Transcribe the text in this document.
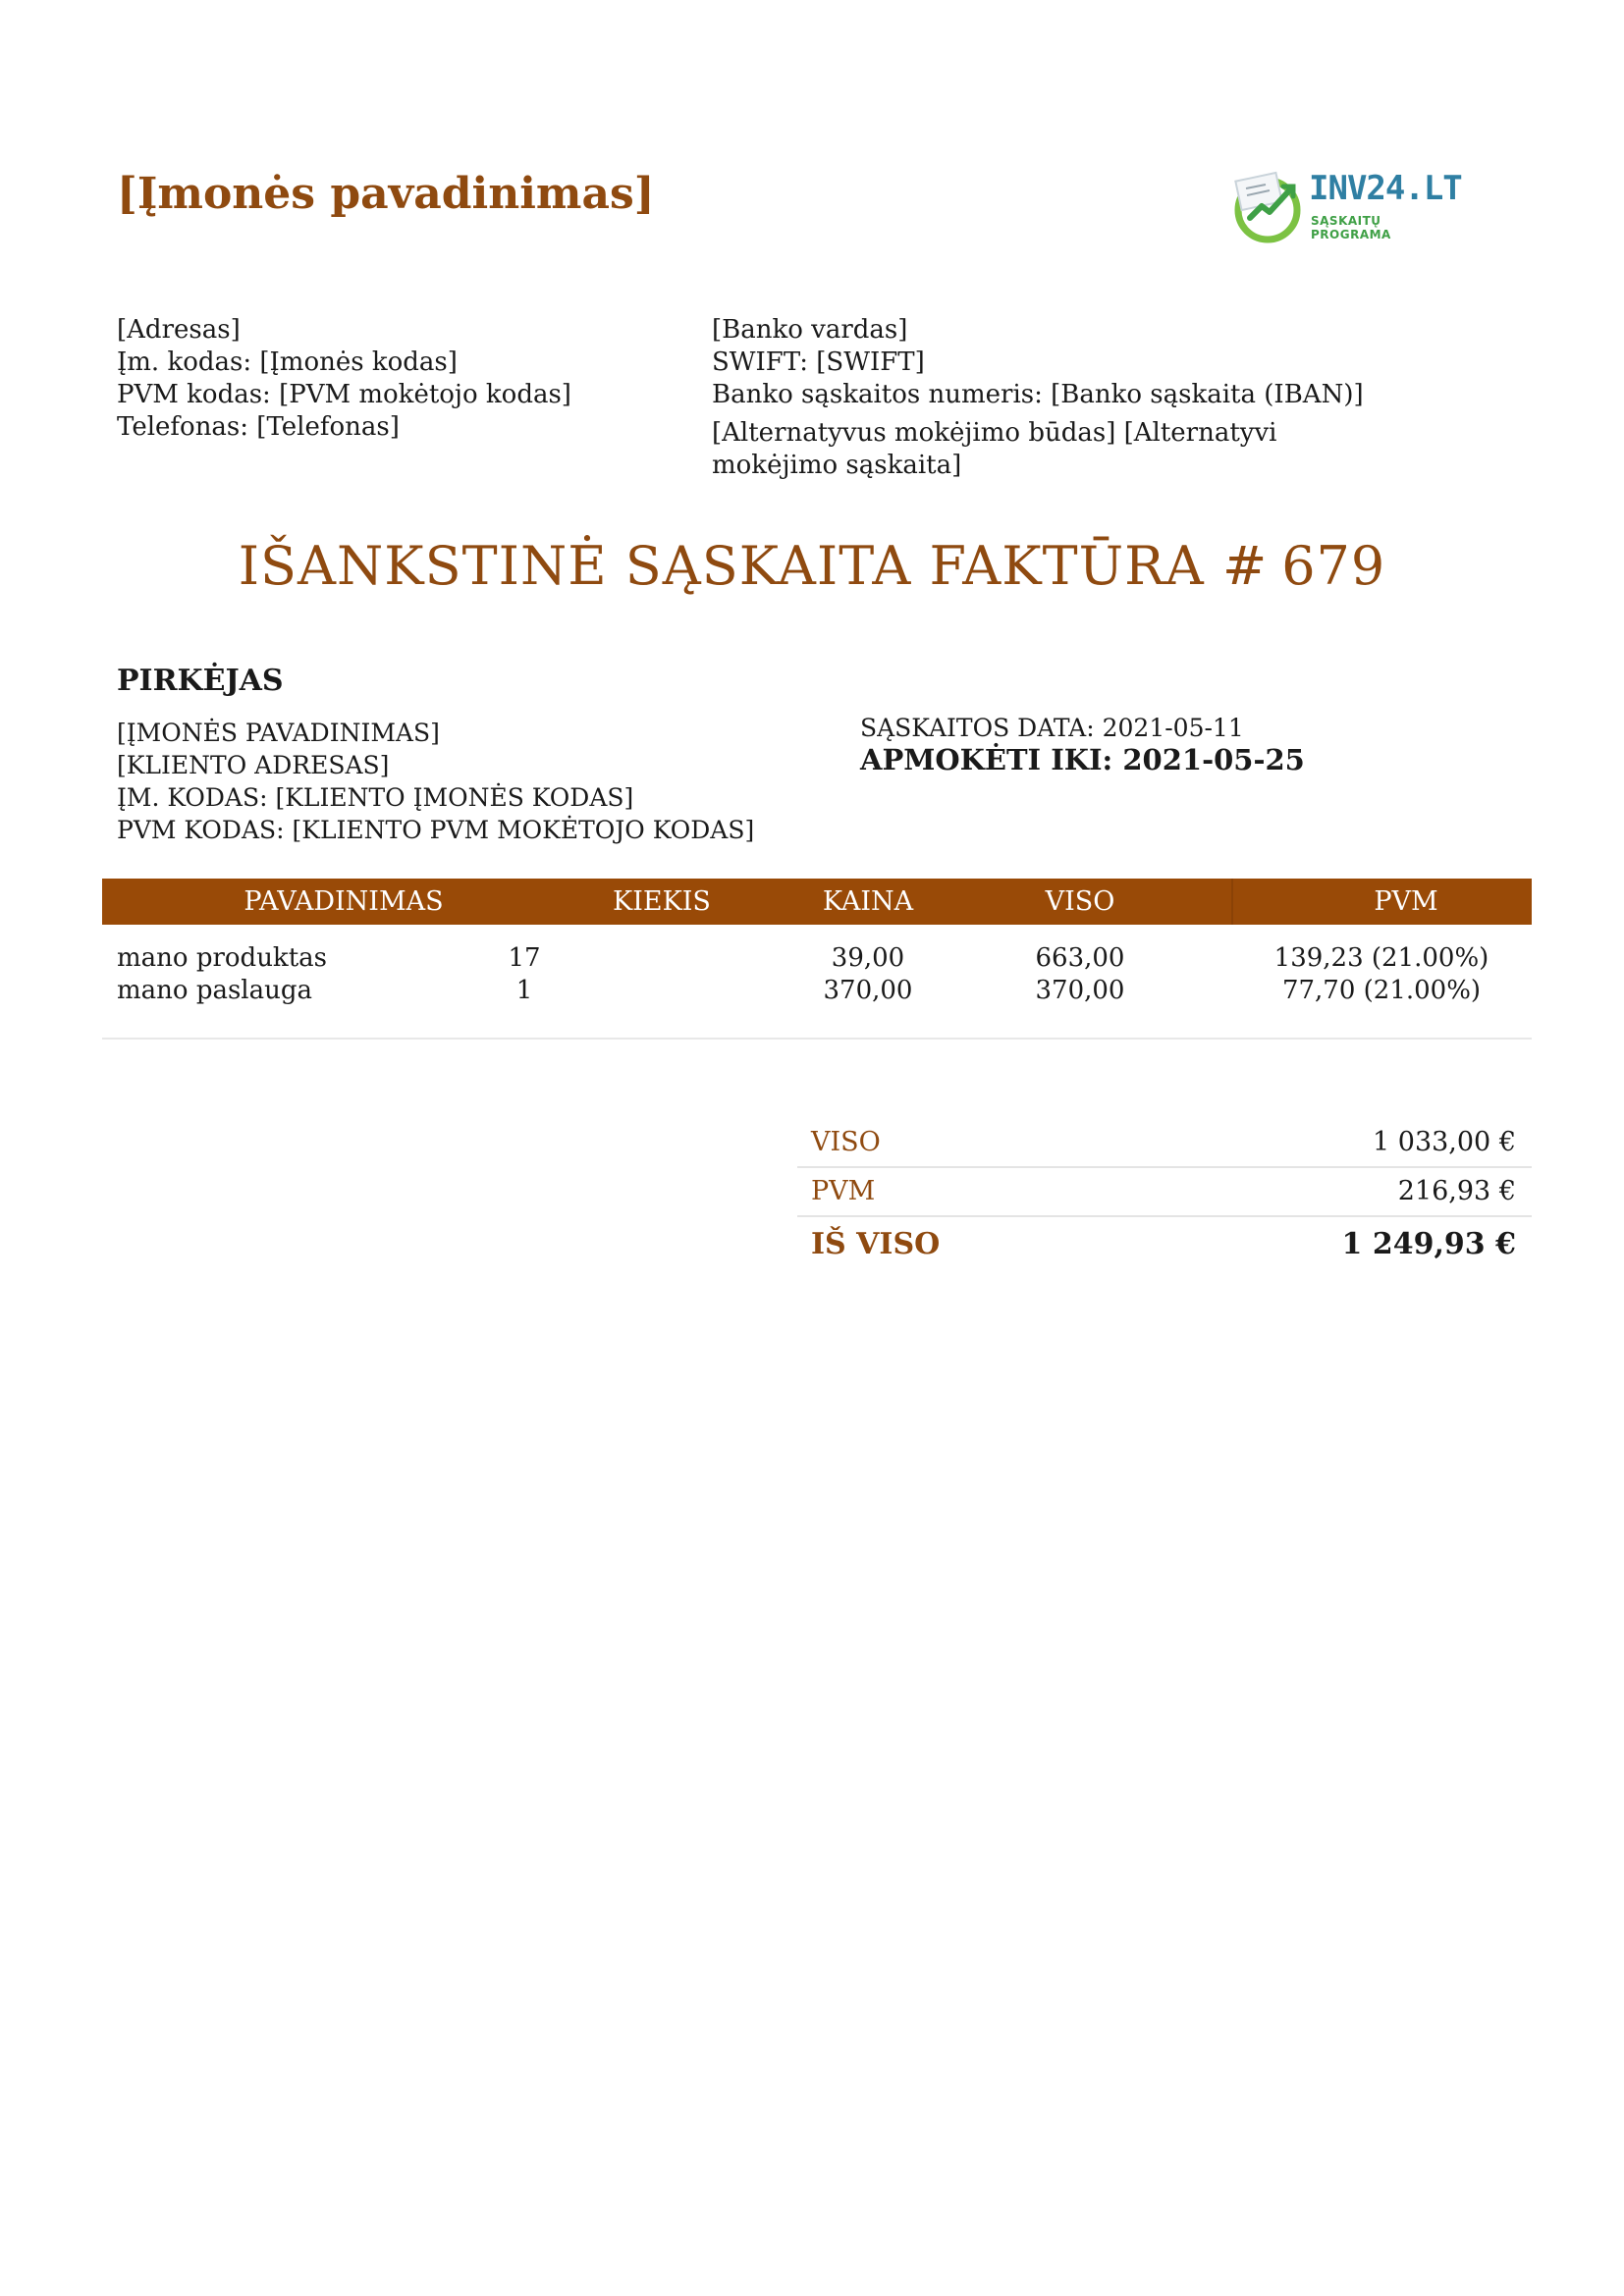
[Įmonės pavadinimas]	INV24.LT
SĄSKAITŲ PROGRAMA
[Adresas]
Įm. kodas: [Įmonės kodas]
PVM kodas: [PVM mokėtojo kodas]
Telefonas: [Telefonas]
[Banko vardas]
SWIFT: [SWIFT]
Banko sąskaitos numeris: [Banko sąskaita (IBAN)]
[Alternatyvus mokėjimo būdas] [Alternatyvi
mokėjimo sąskaita]
IŠANKSTINĖ SĄSKAITA FAKTŪRA # 679
PIRKĖJAS
[ĮMONĖS PAVADINIMAS]
[KLIENTO ADRESAS]
ĮM. KODAS: [KLIENTO ĮMONĖS KODAS]
PVM KODAS: [KLIENTO PVM MOKĖTOJO KODAS]
SĄSKAITOS DATA: 2021-05-11
APMOKĖTI IKI: 2021-05-25
PAVADINIMAS	KIEKIS	KAINA	VISO	PVM
mano produktas	17	39,00	663,00	139,23 (21.00%)
mano paslauga	1	370,00	370,00	77,70 (21.00%)
VISO	1 033,00 €
PVM	216,93 €
IŠ VISO	1 249,93 €
